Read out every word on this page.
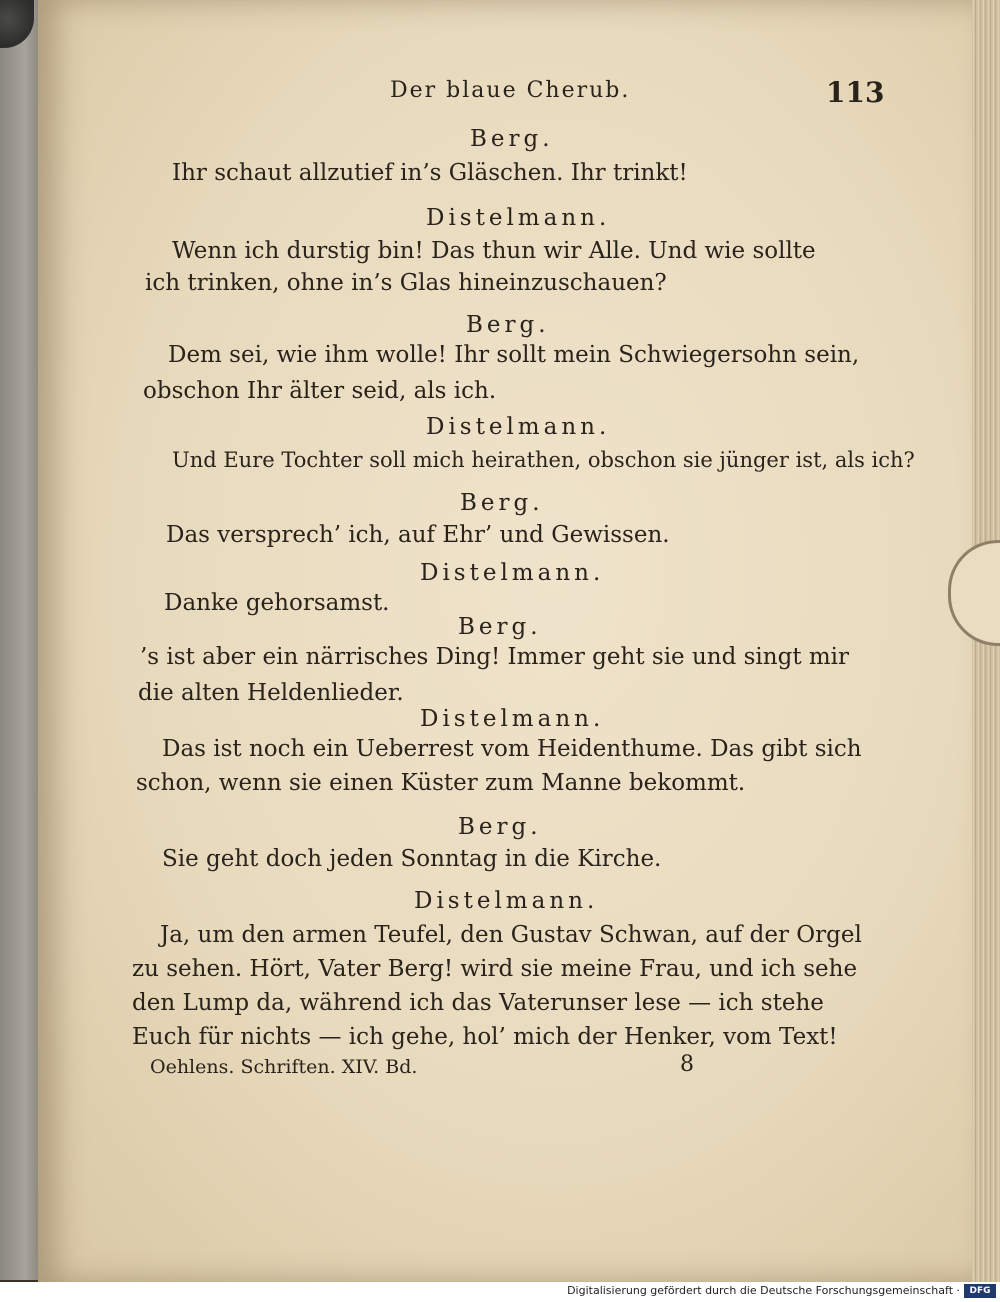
Der blaue Cherub.	113
Berg.
Ihr schaut allzutief in’s Gläschen. Ihr trinkt!
Distelmann.
Wenn ich durstig bin! Das thun wir Alle. Und wie sollte
ich trinken, ohne in’s Glas hineinzuschauen?
Berg.
Dem sei, wie ihm wolle! Ihr sollt mein Schwiegersohn sein,
obschon Ihr älter seid, als ich.
Distelmann.
Und Eure Tochter soll mich heirathen, obschon sie jünger ist, als ich?
Berg.
Das versprech’ ich, auf Ehr’ und Gewissen.
Distelmann.
Danke gehorsamst.
Berg.
’s ist aber ein närrisches Ding! Immer geht sie und singt mir
die alten Heldenlieder.
Distelmann.
Das ist noch ein Ueberrest vom Heidenthume. Das gibt sich
schon, wenn sie einen Küster zum Manne bekommt.
Berg.
Sie geht doch jeden Sonntag in die Kirche.
Distelmann.
Ja, um den armen Teufel, den Gustav Schwan, auf der Orgel
zu sehen. Hört, Vater Berg! wird sie meine Frau, und ich sehe
den Lump da, während ich das Vaterunser lese — ich stehe
Euch für nichts — ich gehe, hol’ mich der Henker, vom Text!
Oehlens. Schriften. XIV. Bd.	8
Digitalisierung gefördert durch die Deutsche Forschungsgemeinschaft ·	DFG
